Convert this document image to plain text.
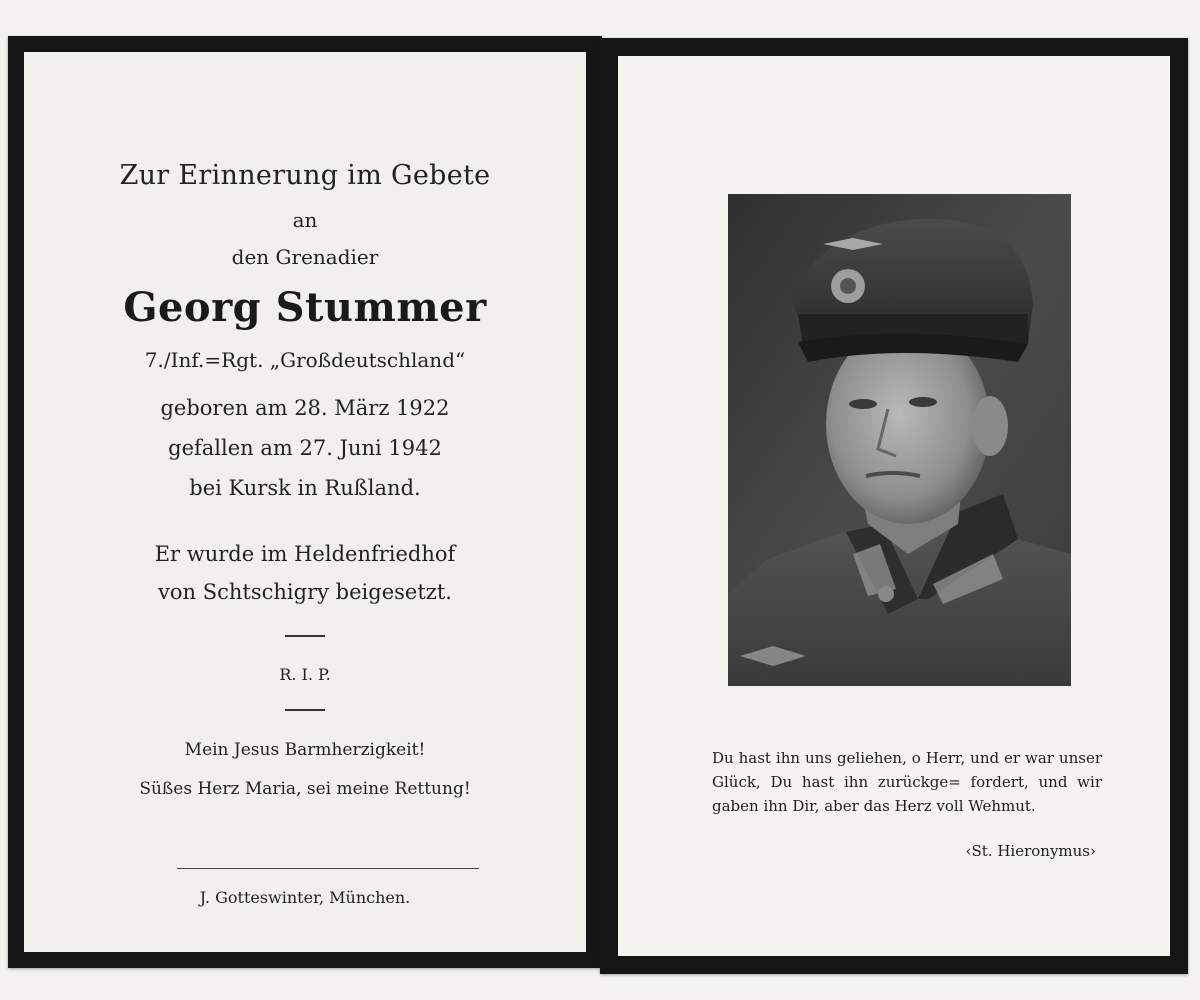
Zur Erinnerung im Gebete
an
den Grenadier
Georg Stummer
7./Inf.=Rgt. „Großdeutschland“
geboren am 28. März 1922
gefallen am 27. Juni 1942
bei Kursk in Rußland.
Er wurde im Heldenfriedhof
von Schtschigry beigesetzt.
R. I. P.
Mein Jesus Barmherzigkeit!
Süßes Herz Maria, sei meine Rettung!
J. Gotteswinter, München.
Du hast ihn uns geliehen, o Herr, und er war unser Glück, Du hast ihn zurückge= fordert, und wir gaben ihn Dir, aber das Herz voll Wehmut.
‹St. Hieronymus›
